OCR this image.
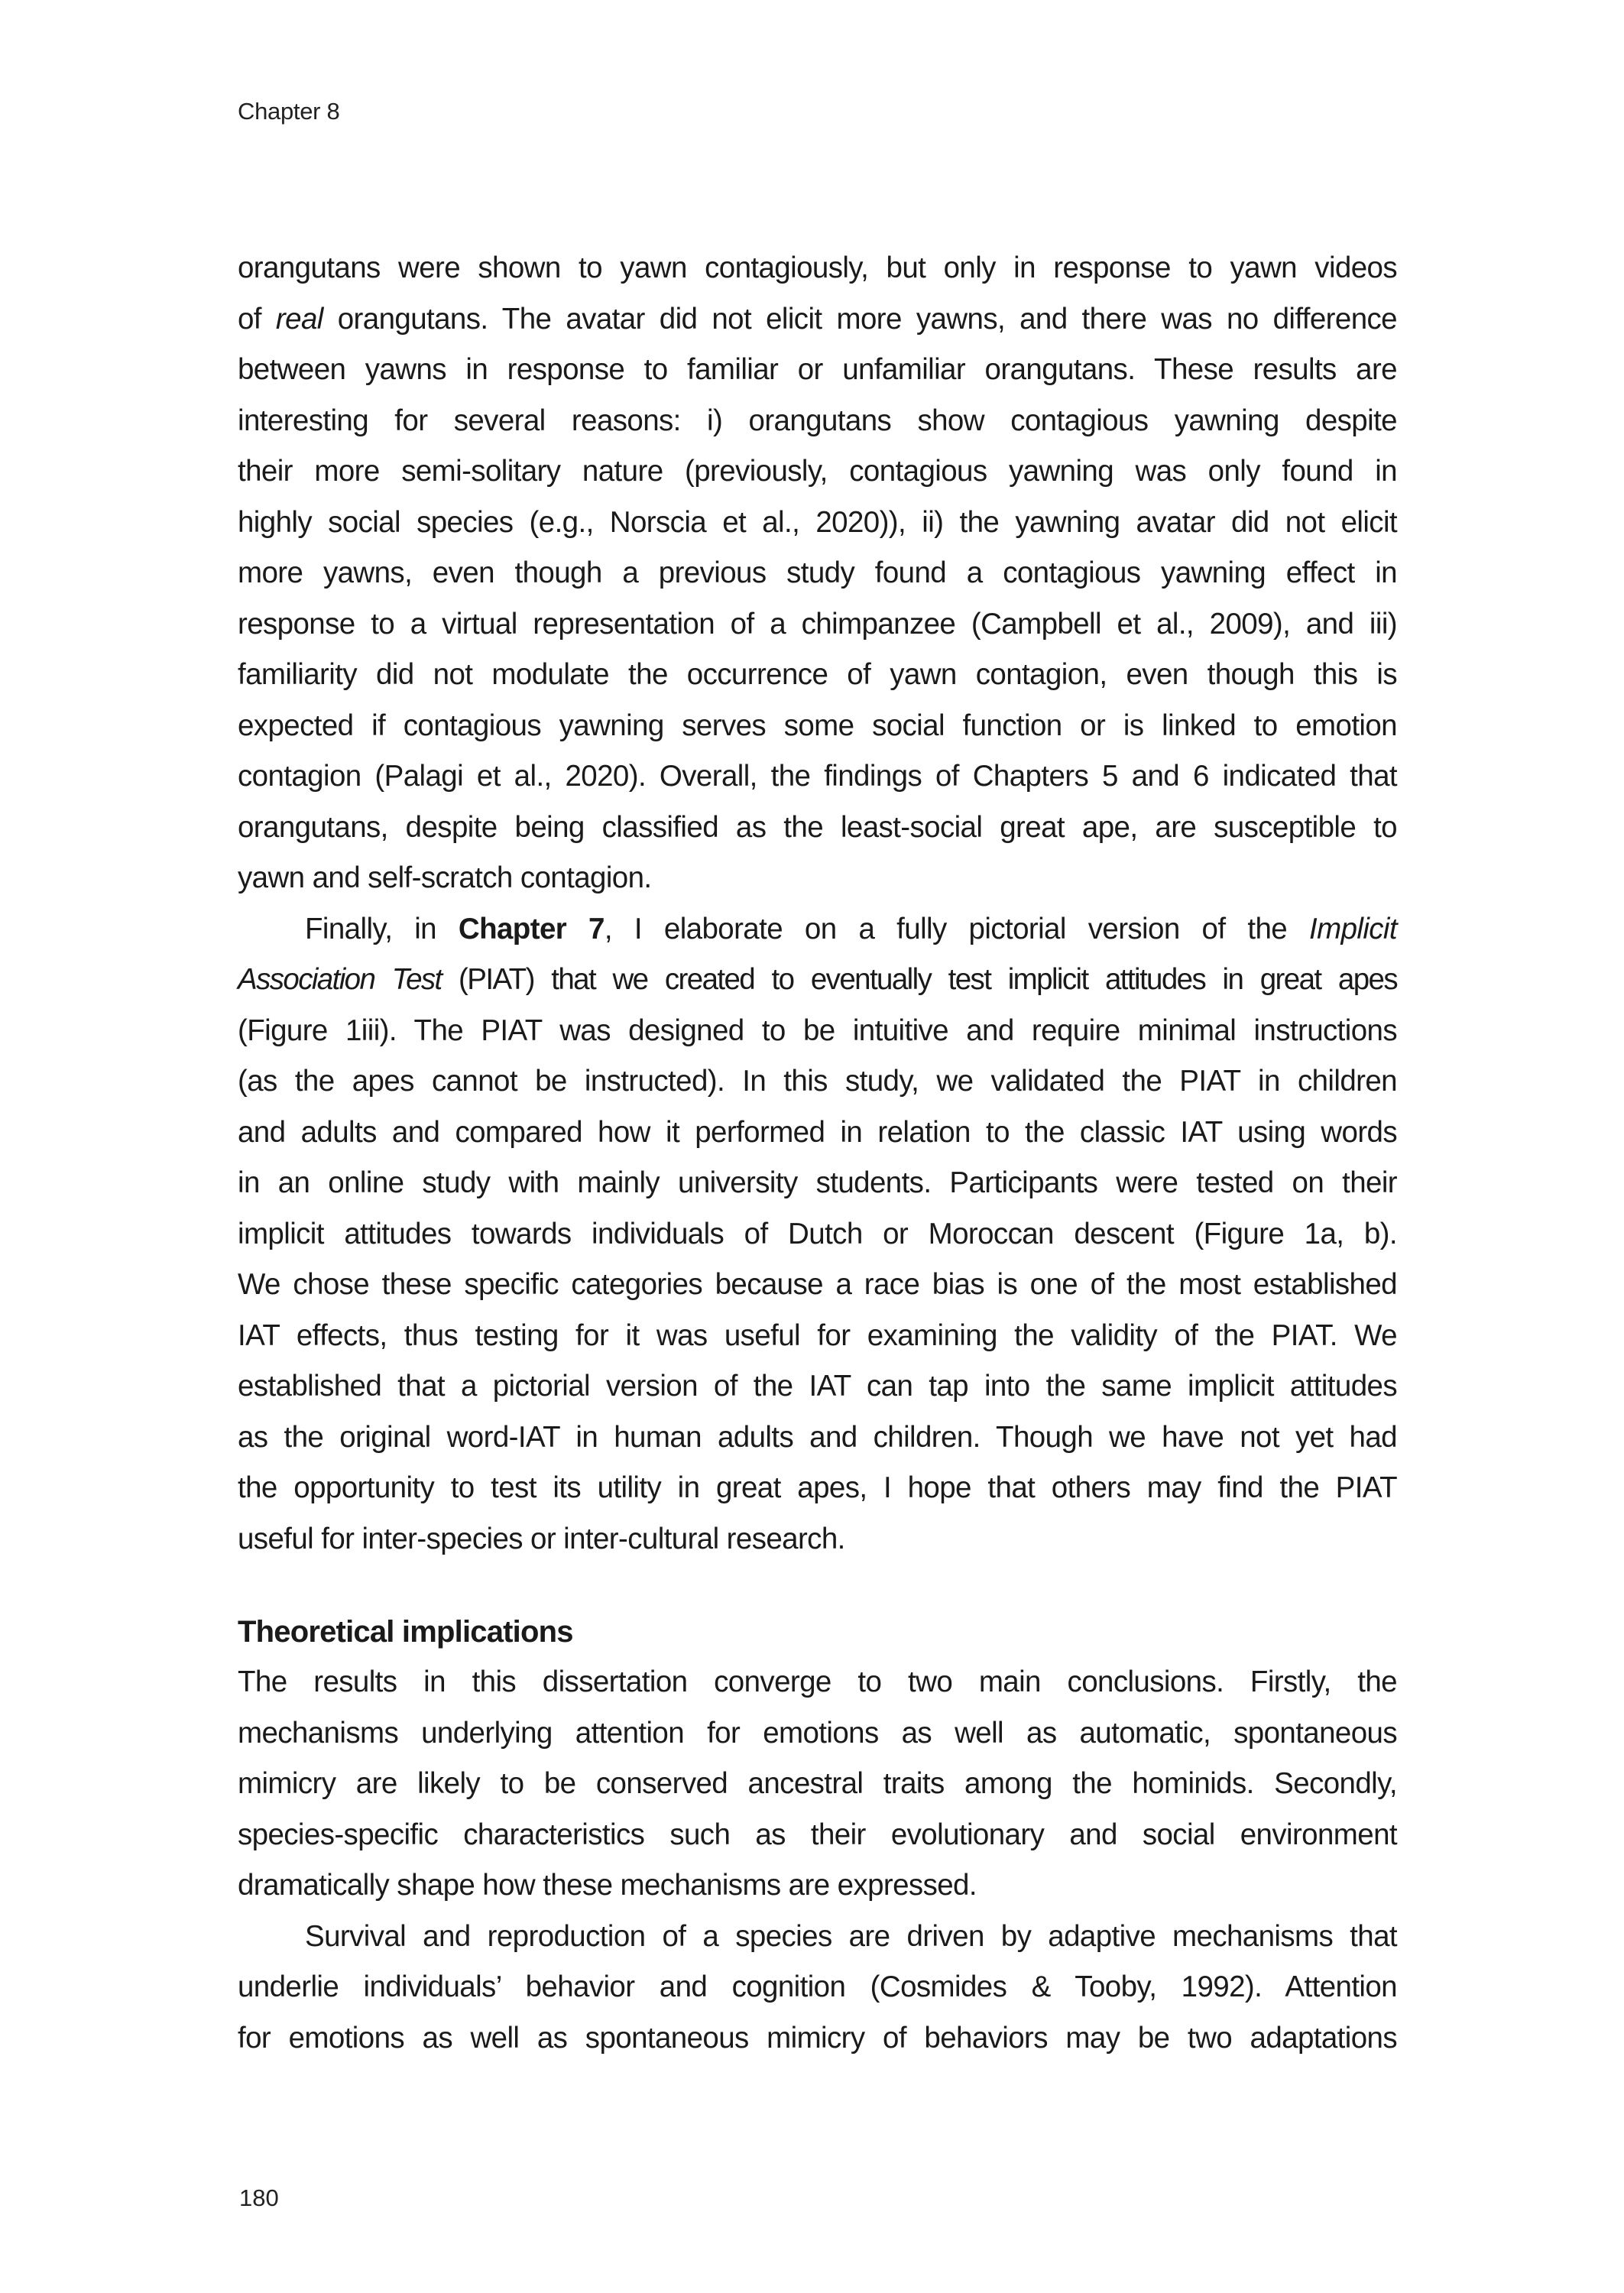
Chapter 8
orangutans were shown to yawn contagiously, but only in response to yawn videos
of real orangutans. The avatar did not elicit more yawns, and there was no difference
between yawns in response to familiar or unfamiliar orangutans. These results are
interesting for several reasons: i) orangutans show contagious yawning despite
their more semi-solitary nature (previously, contagious yawning was only found in
highly social species (e.g., Norscia et al., 2020)), ii) the yawning avatar did not elicit
more yawns, even though a previous study found a contagious yawning effect in
response to a virtual representation of a chimpanzee (Campbell et al., 2009), and iii)
familiarity did not modulate the occurrence of yawn contagion, even though this is
expected if contagious yawning serves some social function or is linked to emotion
contagion (Palagi et al., 2020). Overall, the findings of Chapters 5 and 6 indicated that
orangutans, despite being classified as the least-social great ape, are susceptible to
yawn and self-scratch contagion.
Finally, in Chapter 7, I elaborate on a fully pictorial version of the Implicit
Association Test (PIAT) that we created to eventually test implicit attitudes in great apes
(Figure 1iii). The PIAT was designed to be intuitive and require minimal instructions
(as the apes cannot be instructed). In this study, we validated the PIAT in children
and adults and compared how it performed in relation to the classic IAT using words
in an online study with mainly university students. Participants were tested on their
implicit attitudes towards individuals of Dutch or Moroccan descent (Figure 1a, b).
We chose these specific categories because a race bias is one of the most established
IAT effects, thus testing for it was useful for examining the validity of the PIAT. We
established that a pictorial version of the IAT can tap into the same implicit attitudes
as the original word-IAT in human adults and children. Though we have not yet had
the opportunity to test its utility in great apes, I hope that others may find the PIAT
useful for inter-species or inter-cultural research.
Theoretical implications
The results in this dissertation converge to two main conclusions. Firstly, the
mechanisms underlying attention for emotions as well as automatic, spontaneous
mimicry are likely to be conserved ancestral traits among the hominids. Secondly,
species-specific characteristics such as their evolutionary and social environment
dramatically shape how these mechanisms are expressed.
Survival and reproduction of a species are driven by adaptive mechanisms that
underlie individuals’ behavior and cognition (Cosmides & Tooby, 1992). Attention
for emotions as well as spontaneous mimicry of behaviors may be two adaptations
180
